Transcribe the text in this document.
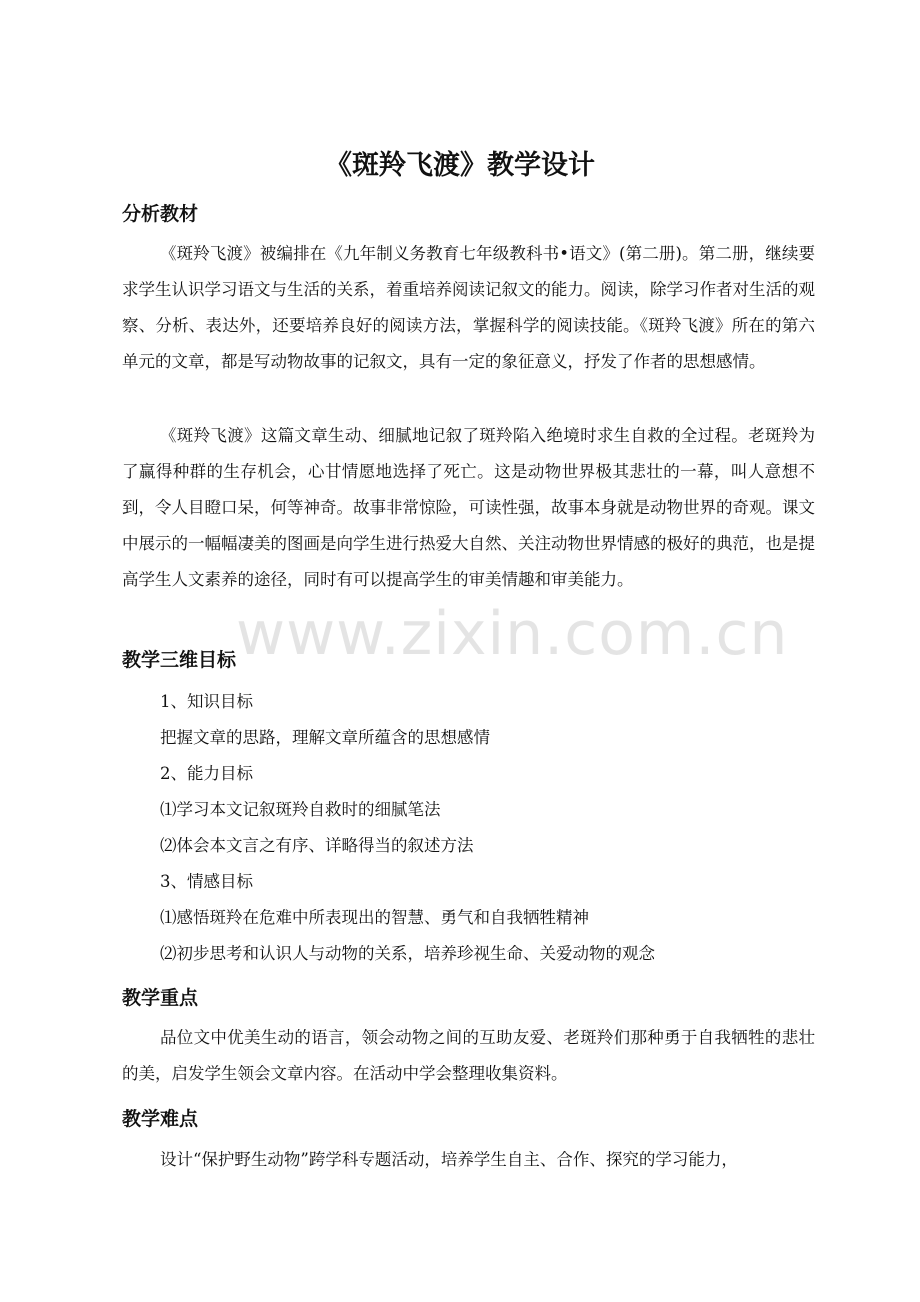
《斑羚飞渡》教学设计
分析教材

《斑羚飞渡》被编排在《九年制义务教育七年级教科书•语文》(第二册)。第二册，继续要求学生认识学习语文与生活的关系，着重培养阅读记叙文的能力。阅读，除学习作者对生活的观察、分析、表达外，还要培养良好的阅读方法，掌握科学的阅读技能。《斑羚飞渡》所在的第六单元的文章，都是写动物故事的记叙文，具有一定的象征意义，抒发了作者的思想感情。

《斑羚飞渡》这篇文章生动、细腻地记叙了斑羚陷入绝境时求生自救的全过程。老斑羚为了赢得种群的生存机会，心甘情愿地选择了死亡。这是动物世界极其悲壮的一幕，叫人意想不到，令人目瞪口呆，何等神奇。故事非常惊险，可读性强，故事本身就是动物世界的奇观。课文中展示的一幅幅凄美的图画是向学生进行热爱大自然、关注动物世界情感的极好的典范，也是提高学生人文素养的途径，同时有可以提高学生的审美情趣和审美能力。

www.zixin.com.cn
教学三维目标

1、知识目标

把握文章的思路，理解文章所蕴含的思想感情

2、能力目标

⑴学习本文记叙斑羚自救时的细腻笔法

⑵体会本文言之有序、详略得当的叙述方法

3、情感目标

⑴感悟斑羚在危难中所表现出的智慧、勇气和自我牺牲精神

⑵初步思考和认识人与动物的关系，培养珍视生命、关爱动物的观念

教学重点

品位文中优美生动的语言，领会动物之间的互助友爱、老斑羚们那种勇于自我牺牲的悲壮的美，启发学生领会文章内容。在活动中学会整理收集资料。

教学难点

设计“保护野生动物”跨学科专题活动，培养学生自主、合作、探究的学习能力，
